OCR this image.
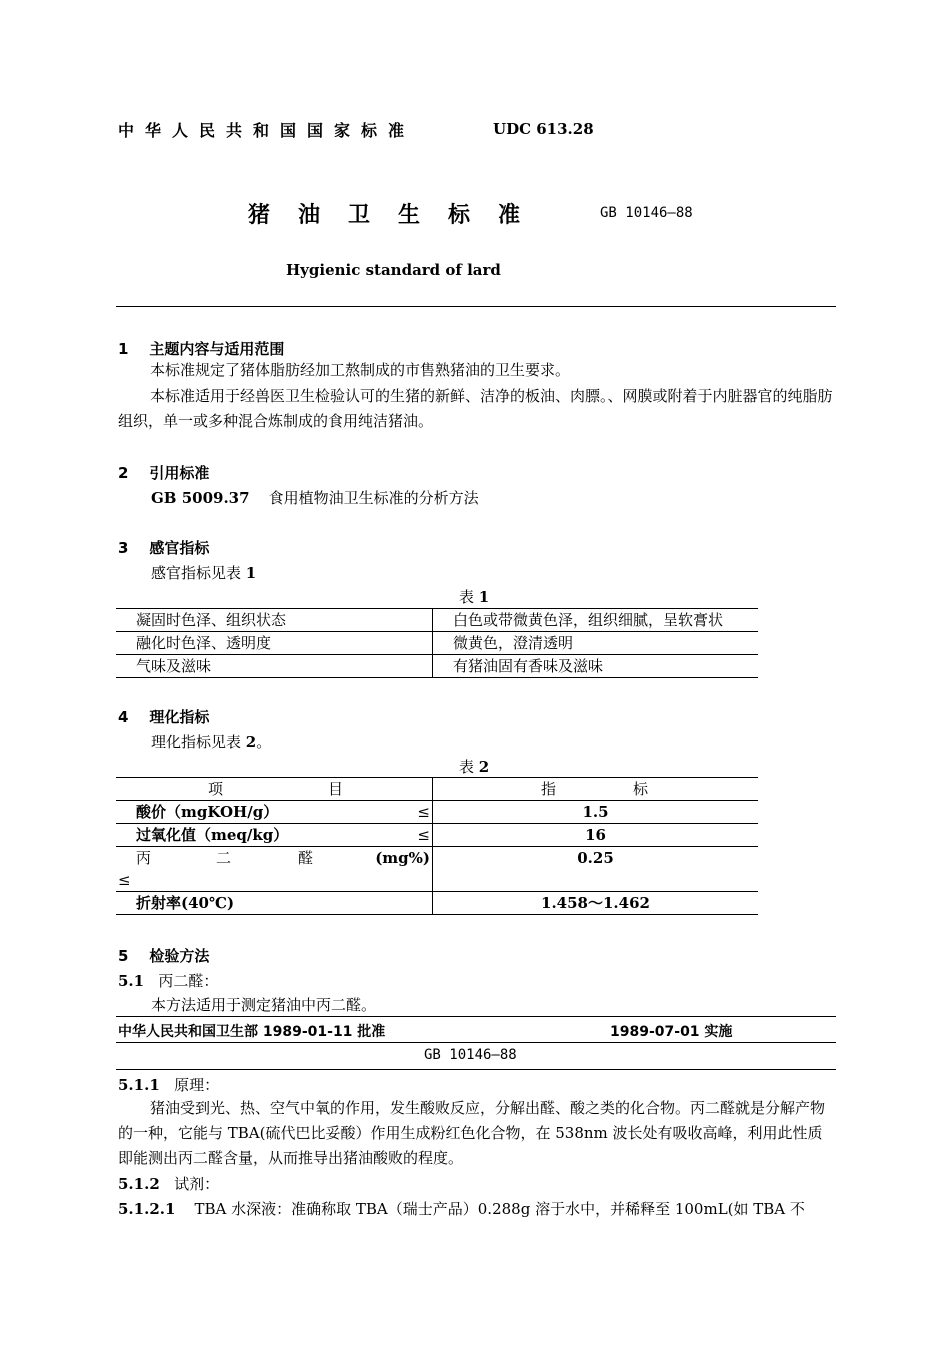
中华人民共和国国家标准	UDC 613.28
猪油卫生标准	GB 10146—88
Hygienic standard of lard
1 主题内容与适用范围

本标准规定了猪体脂肪经加工熬制成的市售熟猪油的卫生要求。

本标准适用于经兽医卫生检验认可的生猪的新鲜、洁净的板油、肉膘。、网膜或附着于内脏器官的纯脂肪组织，单一或多种混合炼制成的食用纯洁猪油。

2 引用标准
GB 5009.37 食用植物油卫生标准的分析方法
3 感官指标
感官指标见表 1
表 1
凝固时色泽、组织状态	白色或带微黄色泽，组织细腻，呈软膏状
融化时色泽、透明度	微黄色，澄清透明
气味及滋味	有猪油固有香味及滋味
4 理化指标
理化指标见表 2。
表 2
项 目	指 标

酸价（mgKOH/g） ≤	1.5
过氧化值（meq/kg） ≤	16

丙 二 醛 (mg%)
≤	0.25
折射率(40℃)	1.458～1.462
5 检验方法
5.1 丙二醛：
本方法适用于测定猪油中丙二醛。
中华人民共和国卫生部 1989-01-11 批准	1989-07-01 实施
GB 10146—88
5.1.1 原理：

猪油受到光、热、空气中氧的作用，发生酸败反应，分解出醛、酸之类的化合物。丙二醛就是分解产物的一种，它能与 TBA(硫代巴比妥酸）作用生成粉红色化合物，在 538nm 波长处有吸收高峰，利用此性质即能测出丙二醛含量，从而推导出猪油酸败的程度。

5.1.2 试剂：
5.1.2.1 TBA 水深液：准确称取 TBA（瑞士产品）0.288g 溶于水中，并稀释至 100mL(如 TBA 不
